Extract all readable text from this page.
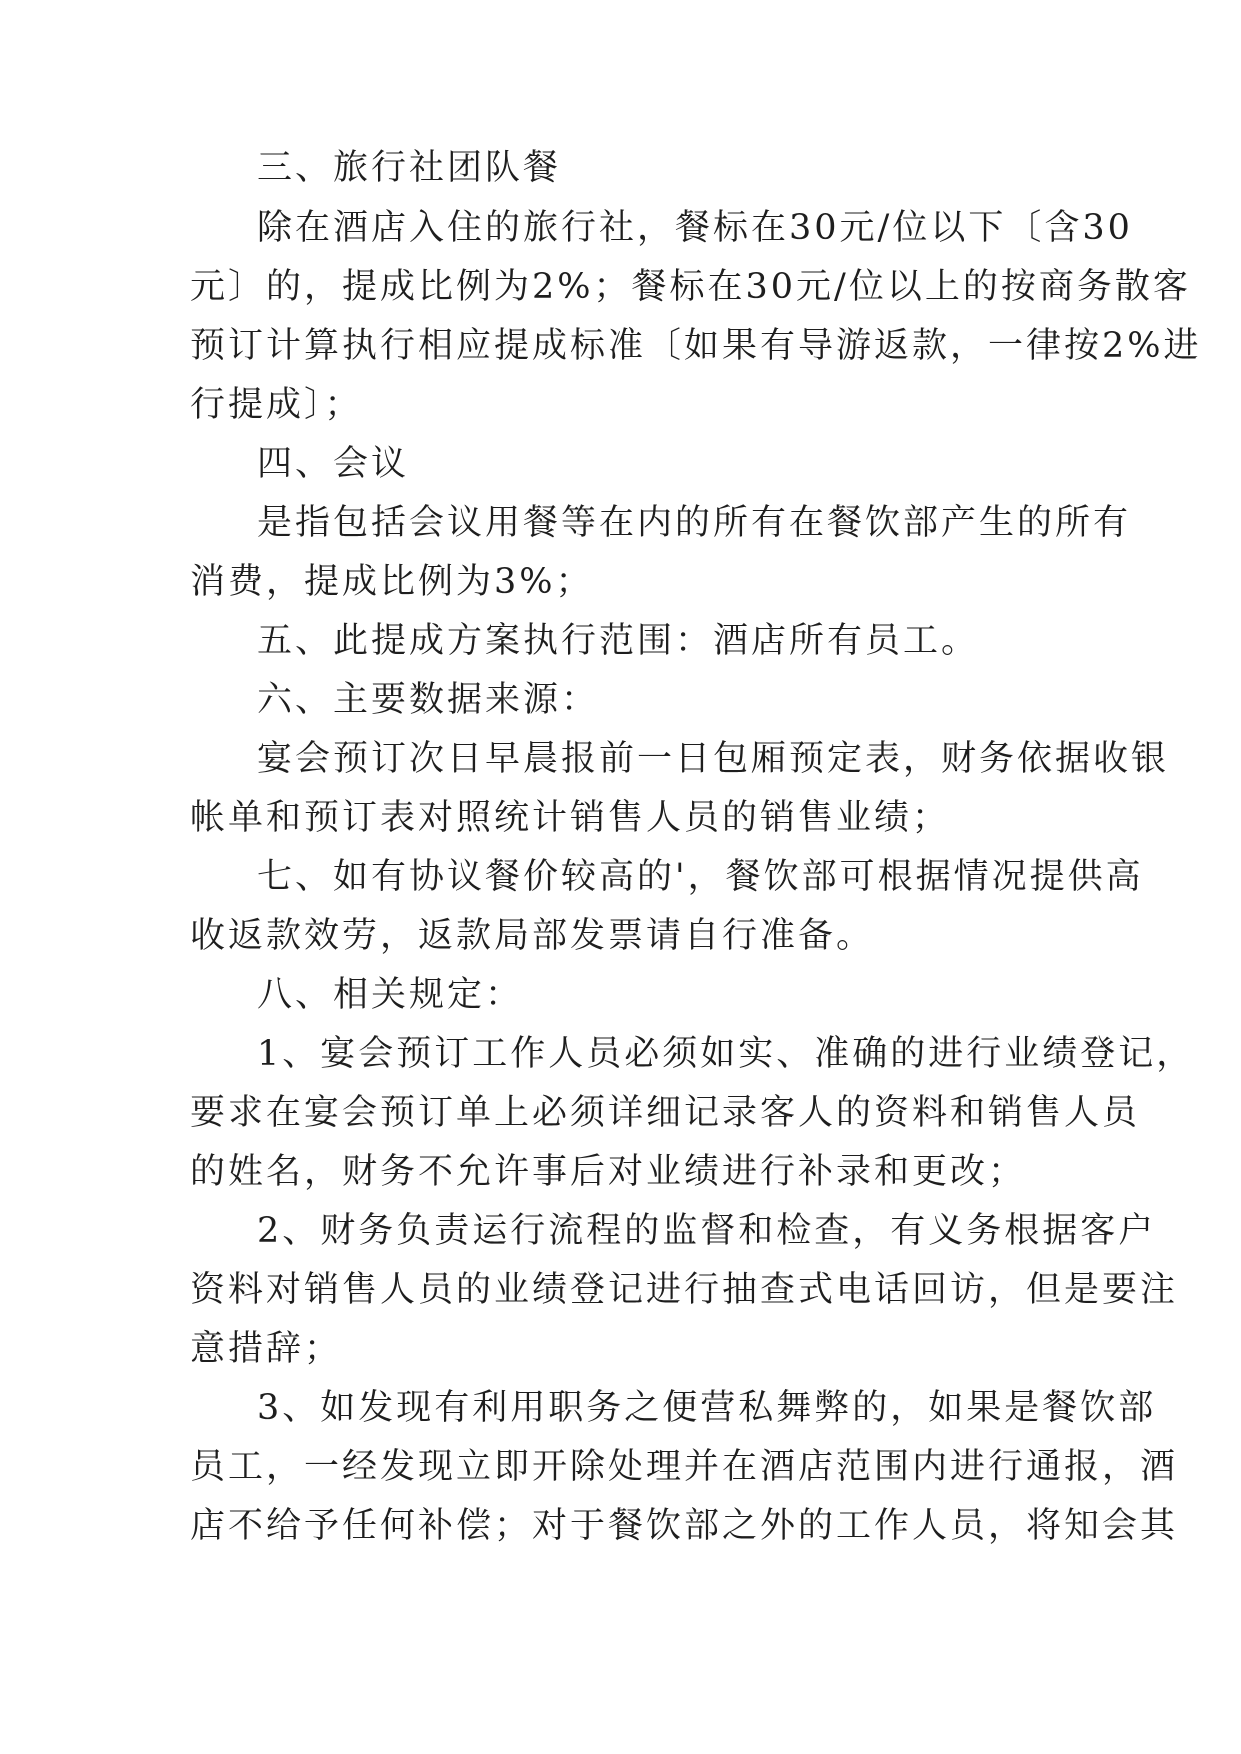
三、旅行社团队餐

除在酒店入住的旅行社，餐标在30元/位以下〔含30

元〕的，提成比例为2%；餐标在30元/位以上的按商务散客

预订计算执行相应提成标准〔如果有导游返款，一律按2%进

行提成〕；

四、会议

是指包括会议用餐等在内的所有在餐饮部产生的所有

消费，提成比例为3%；

五、此提成方案执行范围：酒店所有员工。

六、主要数据来源：

宴会预订次日早晨报前一日包厢预定表，财务依据收银

帐单和预订表对照统计销售人员的销售业绩；

七、如有协议餐价较高的'，餐饮部可根据情况提供高

收返款效劳，返款局部发票请自行准备。

八、相关规定：

1、宴会预订工作人员必须如实、准确的进行业绩登记，

要求在宴会预订单上必须详细记录客人的资料和销售人员

的姓名，财务不允许事后对业绩进行补录和更改；

2、财务负责运行流程的监督和检查，有义务根据客户

资料对销售人员的业绩登记进行抽查式电话回访，但是要注

意措辞；

3、如发现有利用职务之便营私舞弊的，如果是餐饮部

员工，一经发现立即开除处理并在酒店范围内进行通报，酒

店不给予任何补偿；对于餐饮部之外的工作人员，将知会其
